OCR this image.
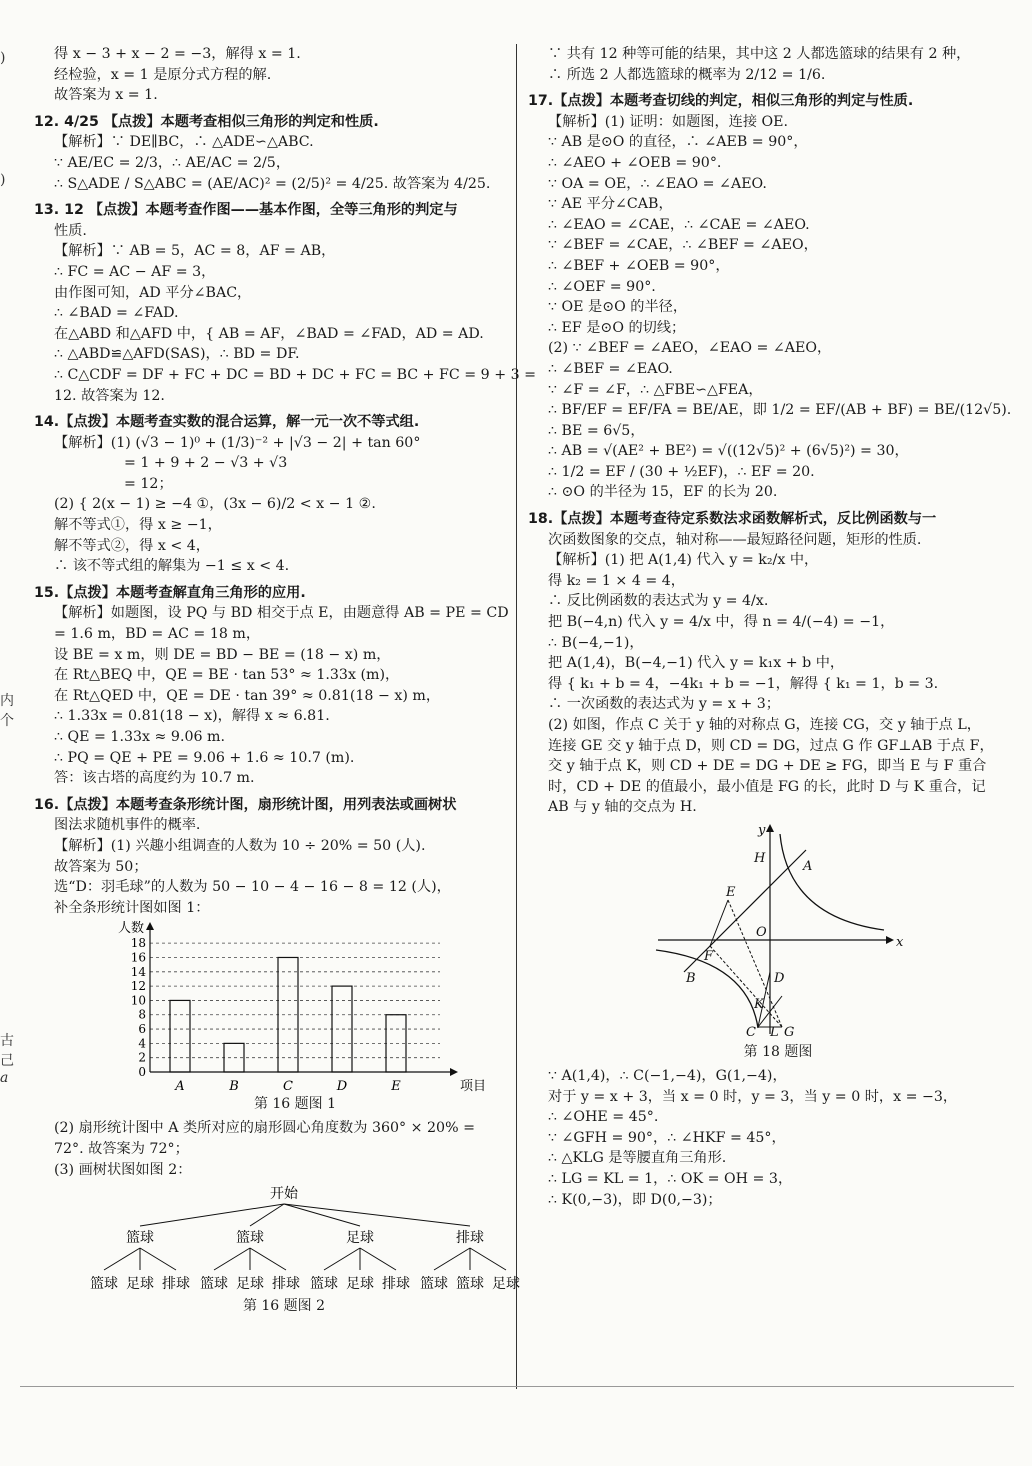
)
)
内
个
古
己
a
得 x − 3 + x − 2 = −3，解得 x = 1.
经检验，x = 1 是原分式方程的解.
故答案为 x = 1.
12. 4/25 【点拨】本题考查相似三角形的判定和性质.
【解析】∵ DE∥BC，∴ △ADE∽△ABC.
∵ AE/EC = 2/3，∴ AE/AC = 2/5，
∴ S△ADE / S△ABC = (AE/AC)² = (2/5)² = 4/25. 故答案为 4/25.
13. 12 【点拨】本题考查作图——基本作图，全等三角形的判定与
性质.
【解析】∵ AB = 5，AC = 8，AF = AB，
∴ FC = AC − AF = 3，
由作图可知，AD 平分∠BAC，
∴ ∠BAD = ∠FAD.
在△ABD 和△AFD 中，{ AB = AF，∠BAD = ∠FAD，AD = AD.
∴ △ABD≌△AFD(SAS)，∴ BD = DF.
∴ C△CDF = DF + FC + DC = BD + DC + FC = BC + FC = 9 + 3 =
12. 故答案为 12.
14.【点拨】本题考查实数的混合运算，解一元一次不等式组.
【解析】(1) (√3 − 1)⁰ + (1/3)⁻² + |√3 − 2| + tan 60°
= 1 + 9 + 2 − √3 + √3
= 12；
(2) { 2(x − 1) ≥ −4 ①，(3x − 6)/2 < x − 1 ②.
解不等式①，得 x ≥ −1，
解不等式②，得 x < 4，
∴ 该不等式组的解集为 −1 ≤ x < 4.
15.【点拨】本题考查解直角三角形的应用.
【解析】如题图，设 PQ 与 BD 相交于点 E，由题意得 AB = PE = CD
= 1.6 m，BD = AC = 18 m，
设 BE = x m，则 DE = BD − BE = (18 − x) m，
在 Rt△BEQ 中，QE = BE · tan 53° ≈ 1.33x (m)，
在 Rt△QED 中，QE = DE · tan 39° ≈ 0.81(18 − x) m，
∴ 1.33x = 0.81(18 − x)，解得 x ≈ 6.81.
∴ QE = 1.33x ≈ 9.06 m.
∴ PQ = QE + PE = 9.06 + 1.6 ≈ 10.7 (m).
答：该古塔的高度约为 10.7 m.
16.【点拨】本题考查条形统计图，扇形统计图，用列表法或画树状
图法求随机事件的概率.
【解析】(1) 兴趣小组调查的人数为 10 ÷ 20% = 50 (人).
故答案为 50；
选“D：羽毛球”的人数为 50 − 10 − 4 − 16 − 8 = 12 (人)，
补全条形统计图如图 1：
0
2
4
6
8
10
12
14
16
18
人数
项目
A	B	C	D	E
第 16 题图 1
(2) 扇形统计图中 A 类所对应的扇形圆心角度数为 360° × 20% =
72°. 故答案为 72°；
(3) 画树状图如图 2：
开始
篮球
篮球 足球 排球
篮球
篮球 足球 排球
足球
篮球 足球 排球
排球
篮球 篮球 足球
第 16 题图 2
∵ 共有 12 种等可能的结果，其中这 2 人都选篮球的结果有 2 种，
∴ 所选 2 人都选篮球的概率为 2/12 = 1/6.
17.【点拨】本题考查切线的判定，相似三角形的判定与性质.
【解析】(1) 证明：如题图，连接 OE.
∵ AB 是⊙O 的直径，∴ ∠AEB = 90°，
∴ ∠AEO + ∠OEB = 90°.
∵ OA = OE，∴ ∠EAO = ∠AEO.
∵ AE 平分∠CAB，
∴ ∠EAO = ∠CAE，∴ ∠CAE = ∠AEO.
∵ ∠BEF = ∠CAE，∴ ∠BEF = ∠AEO，
∴ ∠BEF + ∠OEB = 90°，
∴ ∠OEF = 90°.
∵ OE 是⊙O 的半径，
∴ EF 是⊙O 的切线；
(2) ∵ ∠BEF = ∠AEO，∠EAO = ∠AEO，
∴ ∠BEF = ∠EAO.
∵ ∠F = ∠F，∴ △FBE∽△FEA，
∴ BF/EF = EF/FA = BE/AE，即 1/2 = EF/(AB + BF) = BE/(12√5).
∴ BE = 6√5，
∴ AB = √(AE² + BE²) = √((12√5)² + (6√5)²) = 30，
∴ 1/2 = EF / (30 + ½EF)，∴ EF = 20.
∴ ⊙O 的半径为 15，EF 的长为 20.
18.【点拨】本题考查待定系数法求函数解析式，反比例函数与一
次函数图象的交点，轴对称——最短路径问题，矩形的性质.
【解析】(1) 把 A(1,4) 代入 y = k₂/x 中，
得 k₂ = 1 × 4 = 4，
∴ 反比例函数的表达式为 y = 4/x.
把 B(−4,n) 代入 y = 4/x 中，得 n = 4/(−4) = −1，
∴ B(−4,−1)，
把 A(1,4)，B(−4,−1) 代入 y = k₁x + b 中，
得 { k₁ + b = 4，−4k₁ + b = −1，解得 { k₁ = 1，b = 3.
∴ 一次函数的表达式为 y = x + 3；
(2) 如图，作点 C 关于 y 轴的对称点 G，连接 CG，交 y 轴于点 L，
连接 GE 交 y 轴于点 D，则 CD = DG，过点 G 作 GF⊥AB 于点 F，
交 y 轴于点 K，则 CD + DE = DG + DE ≥ FG，即当 E 与 F 重合
时，CD + DE 的值最小，最小值是 FG 的长，此时 D 与 K 重合，记
AB 与 y 轴的交点为 H.
y
x
O
A
B
C
D
E
F
G
H
K
L
第 18 题图
∵ A(1,4)，∴ C(−1,−4)，G(1,−4)，
对于 y = x + 3，当 x = 0 时，y = 3，当 y = 0 时，x = −3，
∴ ∠OHE = 45°.
∵ ∠GFH = 90°，∴ ∠HKF = 45°，
∴ △KLG 是等腰直角三角形.
∴ LG = KL = 1，∴ OK = OH = 3，
∴ K(0,−3)，即 D(0,−3)；
